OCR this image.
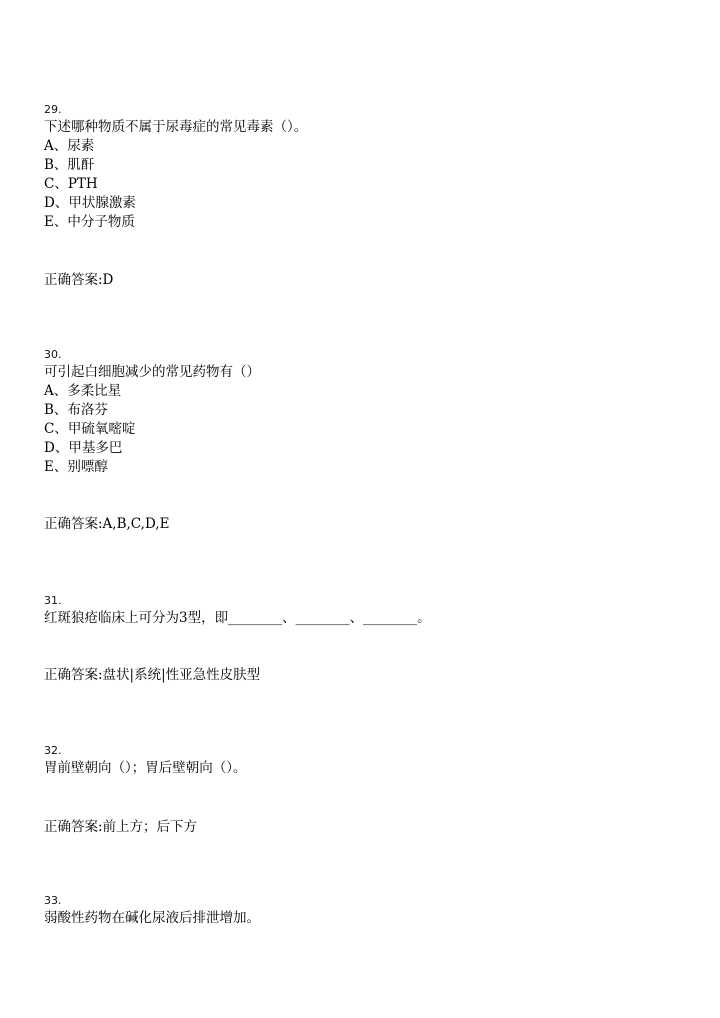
29.
下述哪种物质不属于尿毒症的常见毒素（）。
A、尿素
B、肌酐
C、PTH
D、甲状腺激素
E、中分子物质
正确答案:D
30.
可引起白细胞减少的常见药物有（）
A、多柔比星
B、布洛芬
C、甲硫氧嘧啶
D、甲基多巴
E、别嘌醇
正确答案:A,B,C,D,E
31.
红斑狼疮临床上可分为3型，即________、________、________。
正确答案:盘状|系统|性亚急性皮肤型
32.
胃前壁朝向（）；胃后壁朝向（）。
正确答案:前上方；后下方
33.
弱酸性药物在碱化尿液后排泄增加。
